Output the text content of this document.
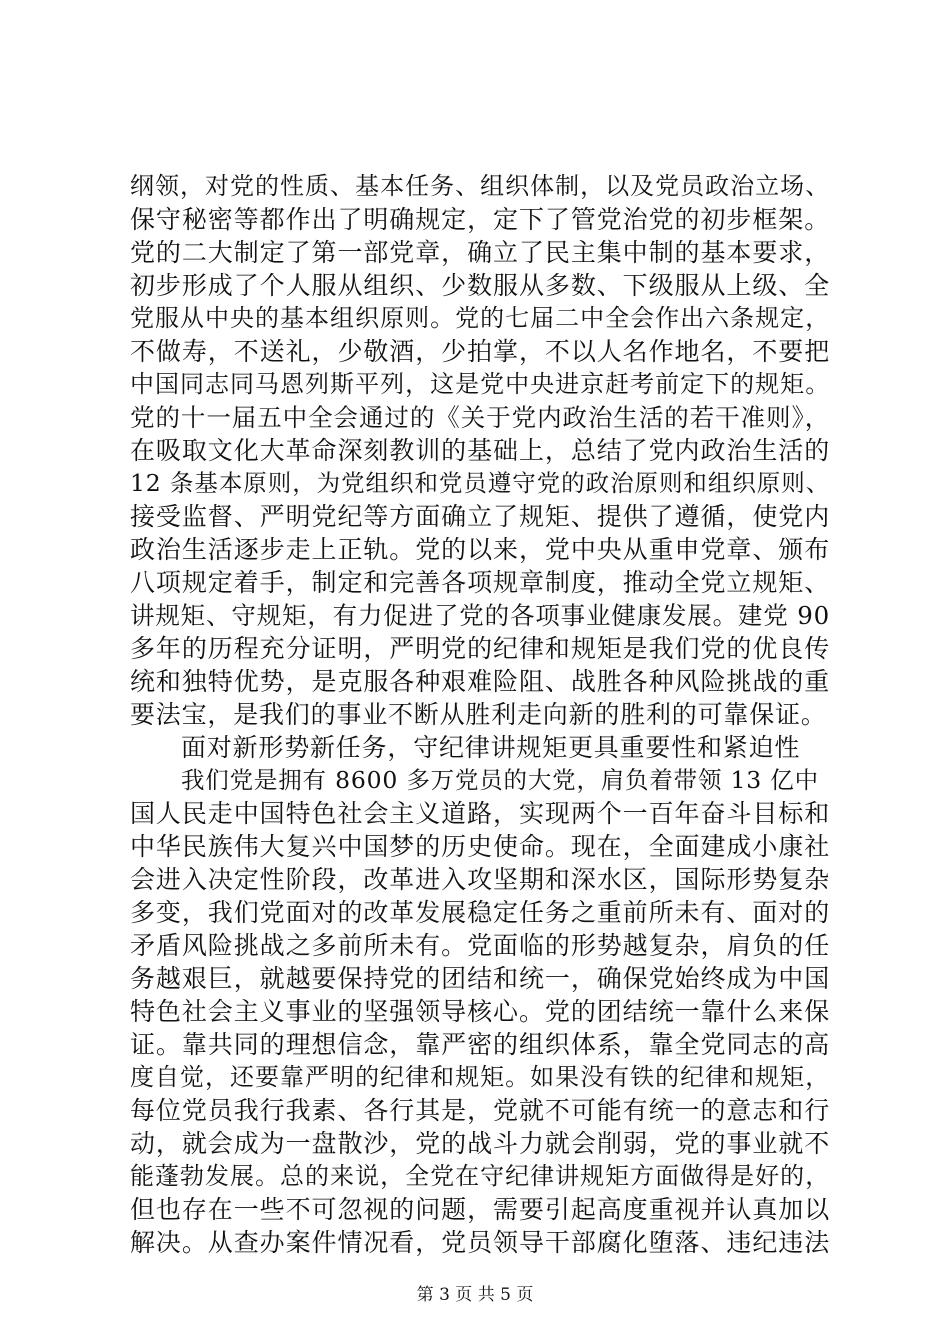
纲领，对党的性质、基本任务、组织体制，以及党员政治立场、
保守秘密等都作出了明确规定，定下了管党治党的初步框架。
党的二大制定了第一部党章，确立了民主集中制的基本要求，
初步形成了个人服从组织、少数服从多数、下级服从上级、全
党服从中央的基本组织原则。党的七届二中全会作出六条规定，
不做寿，不送礼，少敬酒，少拍掌，不以人名作地名，不要把
中国同志同马恩列斯平列，这是党中央进京赶考前定下的规矩。
党的十一届五中全会通过的《关于党内政治生活的若干准则》，
在吸取文化大革命深刻教训的基础上，总结了党内政治生活的
12 条基本原则，为党组织和党员遵守党的政治原则和组织原则、
接受监督、严明党纪等方面确立了规矩、提供了遵循，使党内
政治生活逐步走上正轨。党的以来，党中央从重申党章、颁布
八项规定着手，制定和完善各项规章制度，推动全党立规矩、
讲规矩、守规矩，有力促进了党的各项事业健康发展。建党 90
多年的历程充分证明，严明党的纪律和规矩是我们党的优良传
统和独特优势，是克服各种艰难险阻、战胜各种风险挑战的重
要法宝，是我们的事业不断从胜利走向新的胜利的可靠保证。
面对新形势新任务，守纪律讲规矩更具重要性和紧迫性
我们党是拥有 8600 多万党员的大党，肩负着带领 13 亿中
国人民走中国特色社会主义道路，实现两个一百年奋斗目标和
中华民族伟大复兴中国梦的历史使命。现在，全面建成小康社
会进入决定性阶段，改革进入攻坚期和深水区，国际形势复杂
多变，我们党面对的改革发展稳定任务之重前所未有、面对的
矛盾风险挑战之多前所未有。党面临的形势越复杂，肩负的任
务越艰巨，就越要保持党的团结和统一，确保党始终成为中国
特色社会主义事业的坚强领导核心。党的团结统一靠什么来保
证。靠共同的理想信念，靠严密的组织体系，靠全党同志的高
度自觉，还要靠严明的纪律和规矩。如果没有铁的纪律和规矩，
每位党员我行我素、各行其是，党就不可能有统一的意志和行
动，就会成为一盘散沙，党的战斗力就会削弱，党的事业就不
能蓬勃发展。总的来说，全党在守纪律讲规矩方面做得是好的，
但也存在一些不可忽视的问题，需要引起高度重视并认真加以
解决。从查办案件情况看，党员领导干部腐化堕落、违纪违法
第 3 页 共 5 页
